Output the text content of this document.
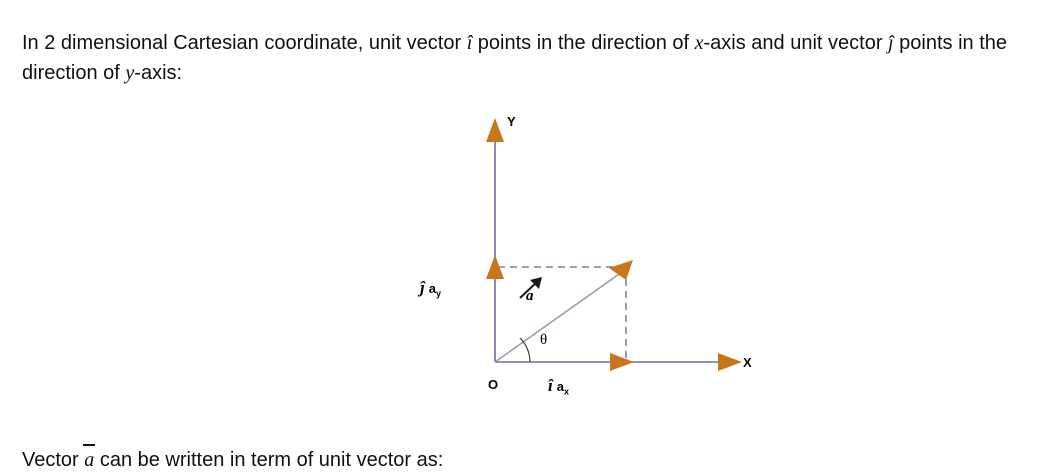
In 2 dimensional Cartesian coordinate, unit vector î points in the direction of x-axis and unit vector ĵ points in the direction of y-axis:

Y
X
O
ĵ $a_y$
î $a_x$
a
θ

Vector a can be written in term of unit vector as:
